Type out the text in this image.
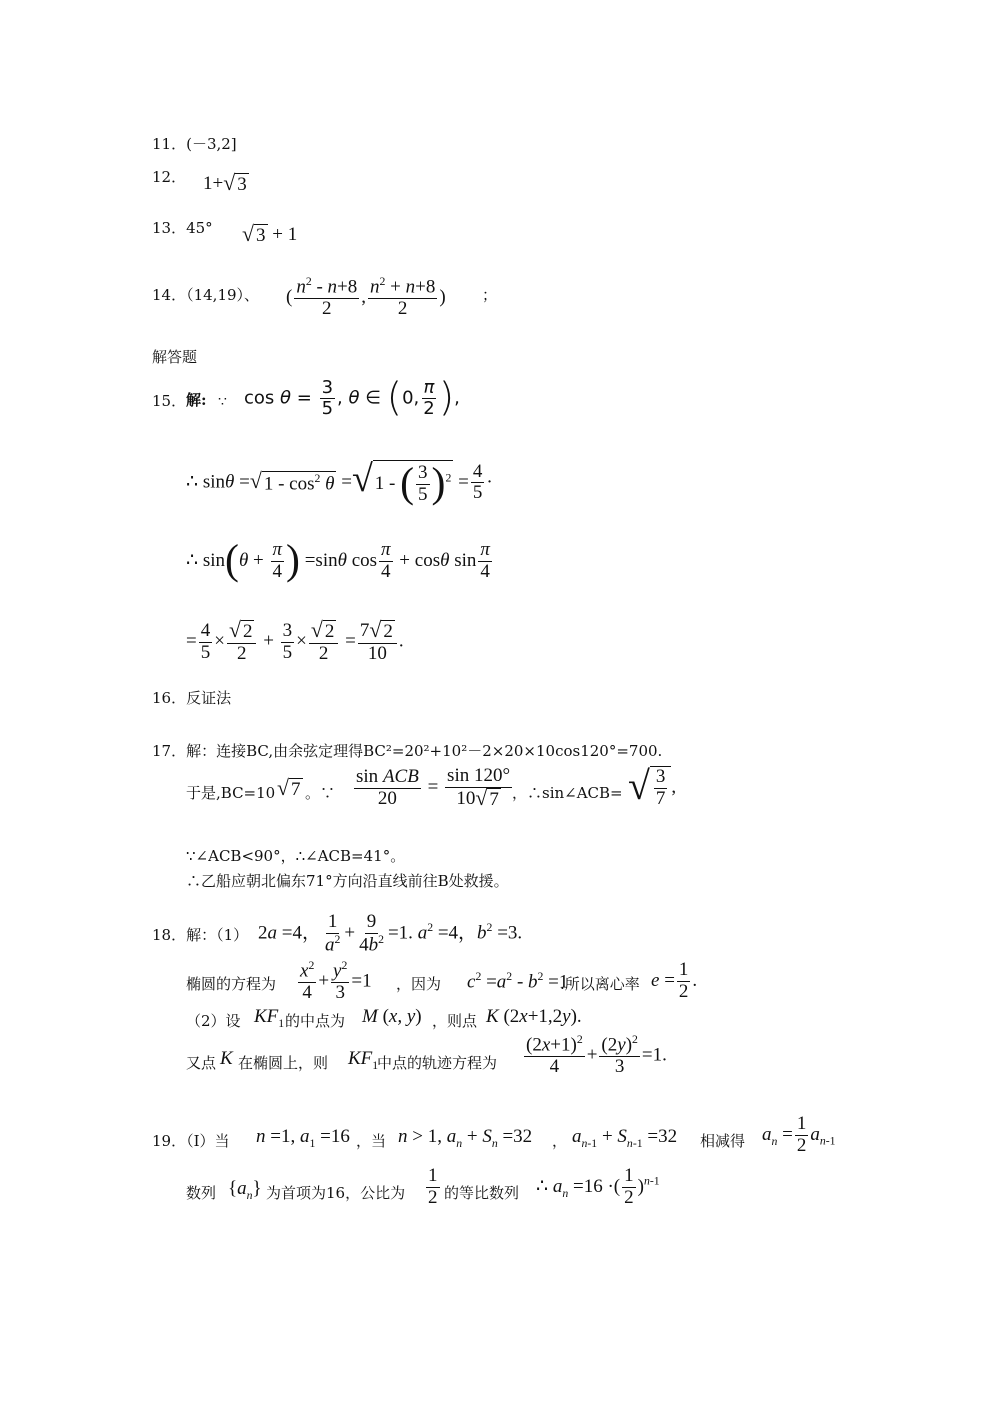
11．(－3,2]
12． 1+ √ 3
13．45° √ 3 + 1
14．（14,19）、 ( $\frac{n^2 - n+8}{2}$ , $\frac{n^2 + n+8}{2}$ ) ；
解答题
15． 解: ∵ $\cos \theta = \frac{3}{5}$ , θ ∈ (0, $\frac{\pi}{2}$ ),
∴ sinθ = √ $1 - \cos^2 \theta$ = √ 1 - ( $\frac{3}{5} )^2 = \frac{4}{5}$ ·
∴ $\sin(\theta + \frac{\pi}{4}$ ) =sinθ $\cos \frac{\pi}{4} + \cos\theta$ $\sin \frac{\pi}{4}$
= $\frac{4}{5} \times \frac{√ 2}{2} + \frac{3}{5} \times \frac{√ 2}{2} = \frac{7 √ 2}{10}$ .
16．反证法
17．解：连接BC,由余弦定理得BC²=20²+10²－2×20×10cos120°=700.
于是,BC=10 √ 7 。∵ $\frac{\text{sin ACB}}{20} = \frac{\sin 120^\circ}{10 √ 7}$ ，∴sin∠ACB= √ $\frac{3}{7}$ ,
∵∠ACB<90°，∴∠ACB=41°。
∴乙船应朝北偏东71°方向沿直线前往B处救援。
18．解：（1） 2a =4， $\frac{1}{a^2} + \frac{9}{4b^2} =1$. $a^2 =4$，$b^2 =3$.
椭圆的方程为 $\frac{x^2}{4} + \frac{y^2}{3} =1$ ，因为 $c^2 =a^2 - b^2 =1$
.所以离心率 $e = \frac{1}{2}$ .
（2）设 $KF_1$ 的中点为 M (x, y) ，则点 K (2x+1,2y).
又点 K 在椭圆上，则 $KF_1$
中点的轨迹方程为 $\frac{(2x+1)^2}{4} + \frac{(2y)^2}{3} =1$.
19．（Ⅰ）当 n =1, $a_1 =16$ ，当 n > 1, $a_n + S_n =32$ ， $a_{n-1} + S_{n-1} =32$ 相减得 $a_n = \frac{1}{2} a_{n-1}$
数列 $\{a_n\}$ 为首项为16，公比为 $\frac{1}{2}$ 的等比数列 ∴ $a_n =16$ ·( $\frac{1}{2} )^{n-1}$
